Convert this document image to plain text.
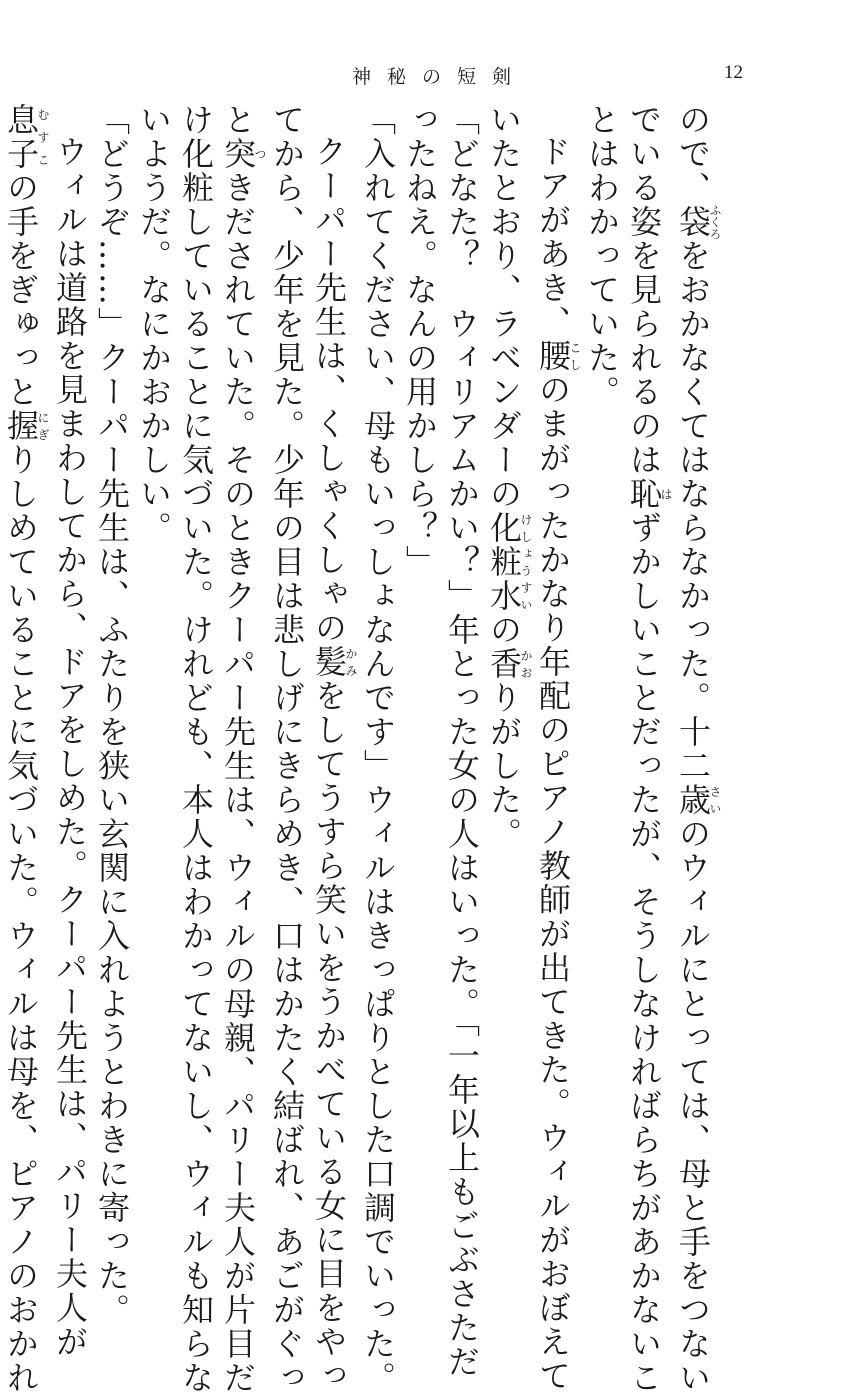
神秘の短剣	12

ので、袋ふくろをおかなくてはならなかった。十二歳さいのウィルにとっては、母と手をつない

でいる姿を見られるのは恥はずかしいことだったが、そうしなければらちがあかないこ

とはわかっていた。

ドアがあき、腰こしのまがったかなり年配のピアノ教師が出てきた。ウィルがおぼえて

いたとおり、ラベンダーの化粧水けしょうすいの香かおりがした。

「どなた？　ウィリアムかい？」年とった女の人はいった。「一年以上もごぶさただ

ったねえ。なんの用かしら？」

「入れてください、母もいっしょなんです」ウィルはきっぱりとした口調でいった。

クーパー先生は、くしゃくしゃの髪かみをしてうすら笑いをうかべている女に目をやっ

てから、少年を見た。少年の目は悲しげにきらめき、口はかたく結ばれ、あごがぐっ

と突つきだされていた。そのときクーパー先生は、ウィルの母親、パリー夫人が片目だ

け化粧していることに気づいた。けれども、本人はわかってないし、ウィルも知らな

いようだ。なにかおかしい。

「どうぞ……」クーパー先生は、ふたりを狭い玄関に入れようとわきに寄った。

ウィルは道路を見まわしてから、ドアをしめた。クーパー先生は、パリー夫人が

息子むすこの手をぎゅっと握にぎりしめていることに気づいた。ウィルは母を、ピアノのおかれ
